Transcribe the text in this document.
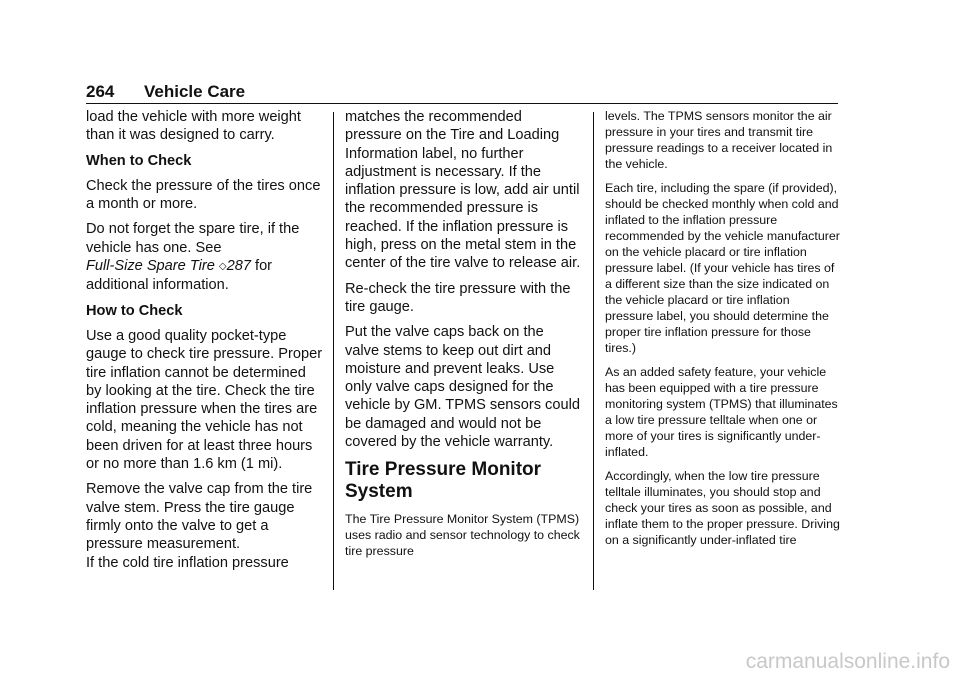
264 Vehicle Care

load the vehicle with more weight than it was designed to carry.

When to Check

Check the pressure of the tires once a month or more.

Do not forget the spare tire, if the vehicle has one. See
Full-Size Spare Tire ◇287 for additional information.

How to Check

Use a good quality pocket-type gauge to check tire pressure. Proper tire inflation cannot be determined by looking at the tire. Check the tire inflation pressure when the tires are cold, meaning the vehicle has not been driven for at least three hours or no more than 1.6 km (1 mi).

Remove the valve cap from the tire valve stem. Press the tire gauge firmly onto the valve to get a pressure measurement.
If the cold tire inflation pressure

matches the recommended pressure on the Tire and Loading Information label, no further adjustment is necessary. If the inflation pressure is low, add air until the recommended pressure is reached. If the inflation pressure is high, press on the metal stem in the center of the tire valve to release air.

Re-check the tire pressure with the tire gauge.

Put the valve caps back on the valve stems to keep out dirt and moisture and prevent leaks. Use only valve caps designed for the vehicle by GM. TPMS sensors could be damaged and would not be covered by the vehicle warranty.

Tire Pressure Monitor System

The Tire Pressure Monitor System (TPMS) uses radio and sensor technology to check tire pressure

levels. The TPMS sensors monitor the air pressure in your tires and transmit tire pressure readings to a receiver located in the vehicle.

Each tire, including the spare (if provided), should be checked monthly when cold and inflated to the inflation pressure recommended by the vehicle manufacturer on the vehicle placard or tire inflation pressure label. (If your vehicle has tires of a different size than the size indicated on the vehicle placard or tire inflation pressure label, you should determine the proper tire inflation pressure for those tires.)

As an added safety feature, your vehicle has been equipped with a tire pressure monitoring system (TPMS) that illuminates a low tire pressure telltale when one or more of your tires is significantly under-inflated.

Accordingly, when the low tire pressure telltale illuminates, you should stop and check your tires as soon as possible, and inflate them to the proper pressure. Driving on a significantly under-inflated tire

carmanualsonline.info
